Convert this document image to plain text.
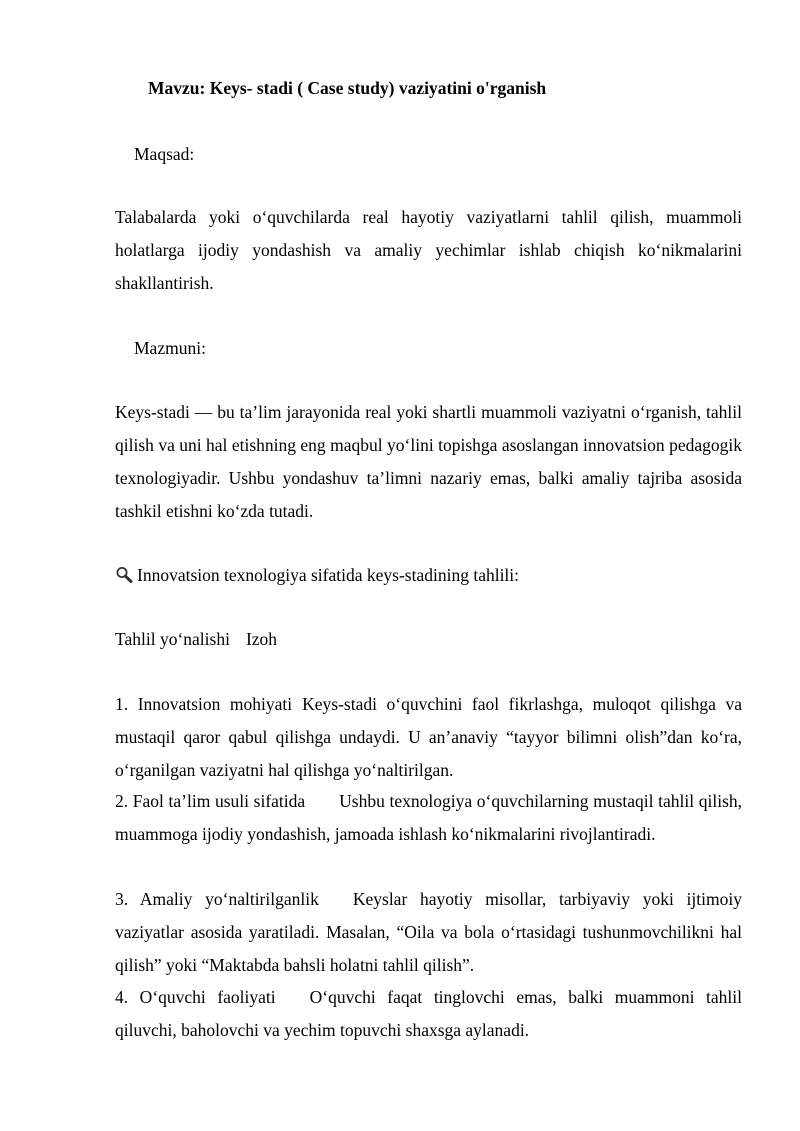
Mavzu: Keys- stadi ( Case study) vaziyatini o'rganish
Maqsad:
Talabalarda yoki o‘quvchilarda real hayotiy vaziyatlarni tahlil qilish, muammoli holatlarga ijodiy yondashish va amaliy yechimlar ishlab chiqish ko‘nikmalarini shakllantirish.
Mazmuni:
Keys-stadi — bu ta’lim jarayonida real yoki shartli muammoli vaziyatni o‘rganish, tahlil qilish va uni hal etishning eng maqbul yo‘lini topishga asoslangan innovatsion pedagogik texnologiyadir. Ushbu yondashuv ta’limni nazariy emas, balki amaliy tajriba asosida tashkil etishni ko‘zda tutadi.
Innovatsion texnologiya sifatida keys-stadining tahlili:
Tahlil yo‘nalishi Izoh
1. Innovatsion mohiyati Keys-stadi o‘quvchini faol fikrlashga, muloqot qilishga va mustaqil qaror qabul qilishga undaydi. U an’anaviy “tayyor bilimni olish”dan ko‘ra, o‘rganilgan vaziyatni hal qilishga yo‘naltirilgan.
2. Faol ta’lim usuli sifatida Ushbu texnologiya o‘quvchilarning mustaqil tahlil qilish, muammoga ijodiy yondashish, jamoada ishlash ko‘nikmalarini rivojlantiradi.
3. Amaliy yo‘naltirilganlik Keyslar hayotiy misollar, tarbiyaviy yoki ijtimoiy vaziyatlar asosida yaratiladi. Masalan, “Oila va bola o‘rtasidagi tushunmovchilikni hal qilish” yoki “Maktabda bahsli holatni tahlil qilish”.
4. O‘quvchi faoliyati O‘quvchi faqat tinglovchi emas, balki muammoni tahlil qiluvchi, baholovchi va yechim topuvchi shaxsga aylanadi.
